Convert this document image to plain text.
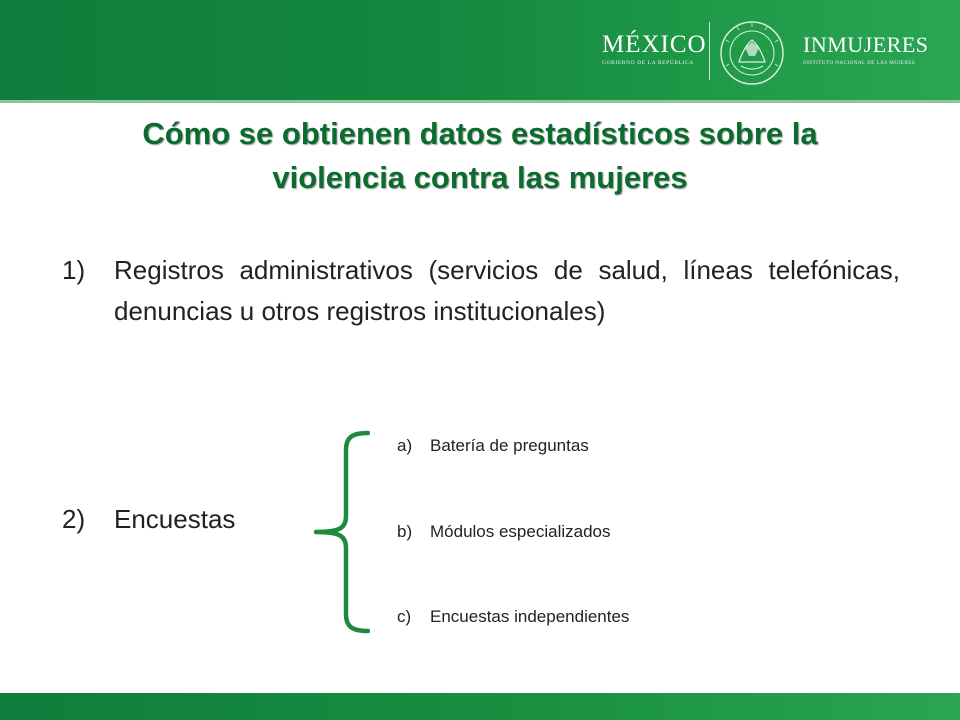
MÉXICO
GOBIERNO DE LA REPÚBLICA
INMUJERES
INSTITUTO NACIONAL DE LAS MUJERES
Cómo se obtienen datos estadísticos sobre la
violencia contra las mujeres
1) Registros administrativos (servicios de salud, líneas telefónicas, denuncias u otros registros institucionales)
2) Encuestas
a) Batería de preguntas
b) Módulos especializados
c) Encuestas independientes
